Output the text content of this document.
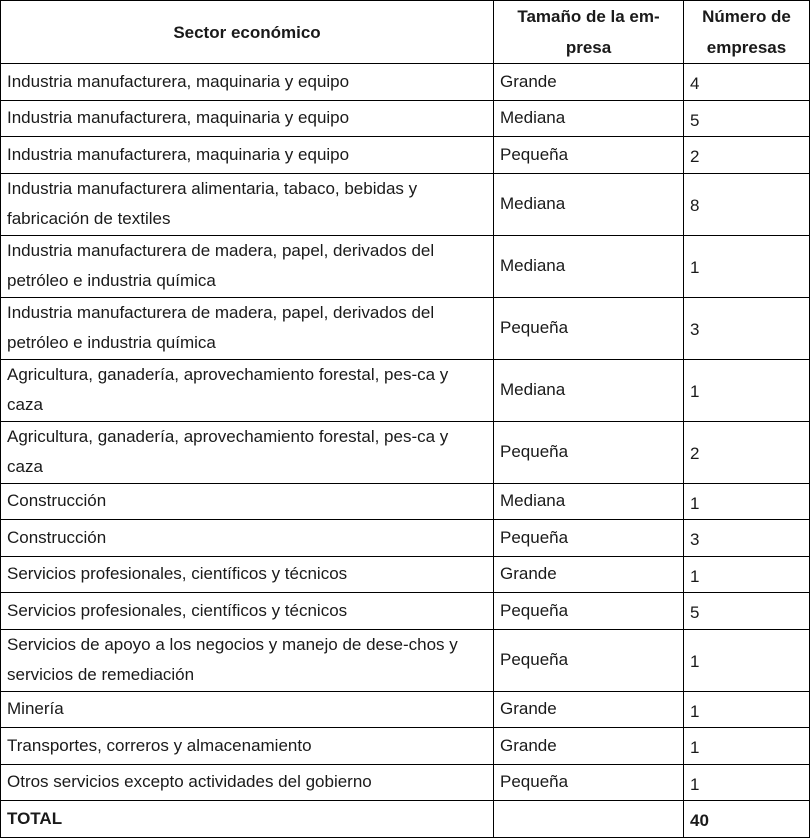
Sector económico	Tamaño de la em-presa	Número de empresas
Industria manufacturera, maquinaria y equipo	Grande	4
Industria manufacturera, maquinaria y equipo	Mediana	5
Industria manufacturera, maquinaria y equipo	Pequeña	2
Industria manufacturera alimentaria, tabaco, bebidas y fabricación de textiles	Mediana	8
Industria manufacturera de madera, papel, derivados del petróleo e industria química	Mediana	1
Industria manufacturera de madera, papel, derivados del petróleo e industria química	Pequeña	3
Agricultura, ganadería, aprovechamiento forestal, pes-ca y caza	Mediana	1
Agricultura, ganadería, aprovechamiento forestal, pes-ca y caza	Pequeña	2
Construcción	Mediana	1
Construcción	Pequeña	3
Servicios profesionales, científicos y técnicos	Grande	1
Servicios profesionales, científicos y técnicos	Pequeña	5
Servicios de apoyo a los negocios y manejo de dese-chos y servicios de remediación	Pequeña	1
Minería	Grande	1
Transportes, correros y almacenamiento	Grande	1
Otros servicios excepto actividades del gobierno	Pequeña	1
TOTAL		40
